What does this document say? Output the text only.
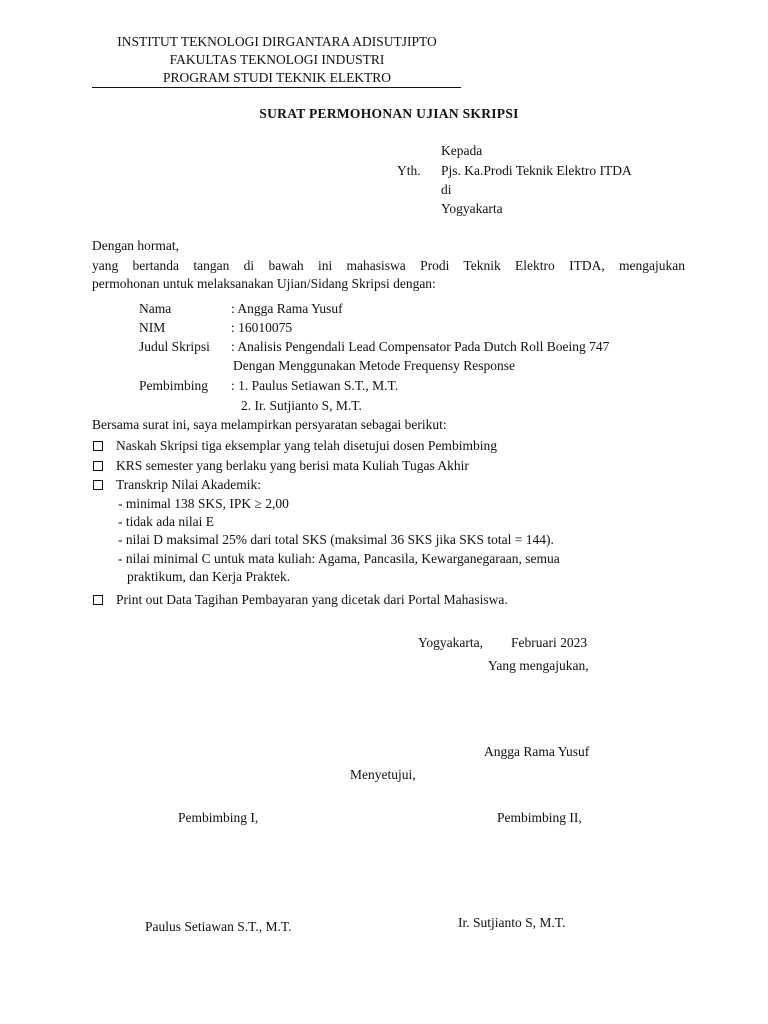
INSTITUT TEKNOLOGI DIRGANTARA ADISUTJIPTO
FAKULTAS TEKNOLOGI INDUSTRI
PROGRAM STUDI TEKNIK ELEKTRO
SURAT PERMOHONAN UJIAN SKRIPSI
Kepada
Yth. Pjs. Ka.Prodi Teknik Elektro ITDA
di
Yogyakarta
Dengan hormat,
yang bertanda tangan di bawah ini mahasiswa Prodi Teknik Elektro ITDA, mengajukan
permohonan untuk melaksanakan Ujian/Sidang Skripsi dengan:
Nama	: Angga Rama Yusuf
NIM	: 16010075
Judul Skripsi : Analisis Pengendali Lead Compensator Pada Dutch Roll Boeing 747
Dengan Menggunakan Metode Frequensy Response
Pembimbing : 1. Paulus Setiawan S.T., M.T.
2. Ir. Sutjianto S, M.T.
Bersama surat ini, saya melampirkan persyaratan sebagai berikut:
Naskah Skripsi tiga eksemplar yang telah disetujui dosen Pembimbing
KRS semester yang berlaku yang berisi mata Kuliah Tugas Akhir
Transkrip Nilai Akademik:
- minimal 138 SKS, IPK ≥ 2,00
- tidak ada nilai E
- nilai D maksimal 25% dari total SKS (maksimal 36 SKS jika SKS total = 144).
- nilai minimal C untuk mata kuliah: Agama, Pancasila, Kewarganegaraan, semua
praktikum, dan Kerja Praktek.
Print out Data Tagihan Pembayaran yang dicetak dari Portal Mahasiswa.
Yogyakarta, Februari 2023
Yang mengajukan,
Angga Rama Yusuf
Menyetujui,
Pembimbing I,	Pembimbing II,
Paulus Setiawan S.T., M.T.	Ir. Sutjianto S, M.T.
